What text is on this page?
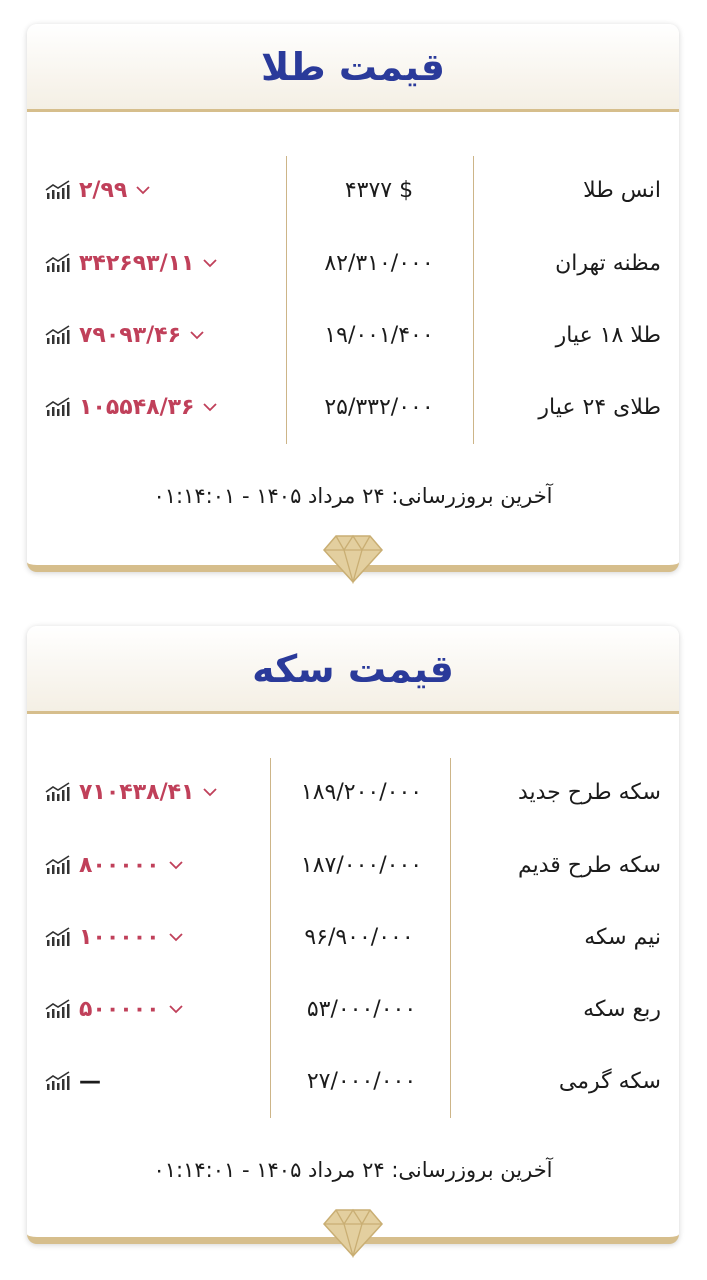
قیمت طلا
انس طلا
۴۳۷۷ $
۲/۹۹
مظنه تهران
۸۲/۳۱۰/۰۰۰
۳۴۲۶۹۳/۱۱
طلا ۱۸ عیار
۱۹/۰۰۱/۴۰۰
۷۹۰۹۳/۴۶
طلای ۲۴ عیار
۲۵/۳۳۲/۰۰۰
۱۰۵۵۴۸/۳۶
آخرین بروزرسانی: ۲۴ مرداد ۱۴۰۵ - ۰۱:۱۴:۰۱
قیمت سکه
سکه طرح جدید
۱۸۹/۲۰۰/۰۰۰
۷۱۰۴۳۸/۴۱
سکه طرح قدیم
۱۸۷/۰۰۰/۰۰۰
۸۰۰۰۰۰
نیم سکه
۹۶/۹۰۰/۰۰۰
۱۰۰۰۰۰
ربع سکه
۵۳/۰۰۰/۰۰۰
۵۰۰۰۰۰
سکه گرمی
۲۷/۰۰۰/۰۰۰
—
آخرین بروزرسانی: ۲۴ مرداد ۱۴۰۵ - ۰۱:۱۴:۰۱
